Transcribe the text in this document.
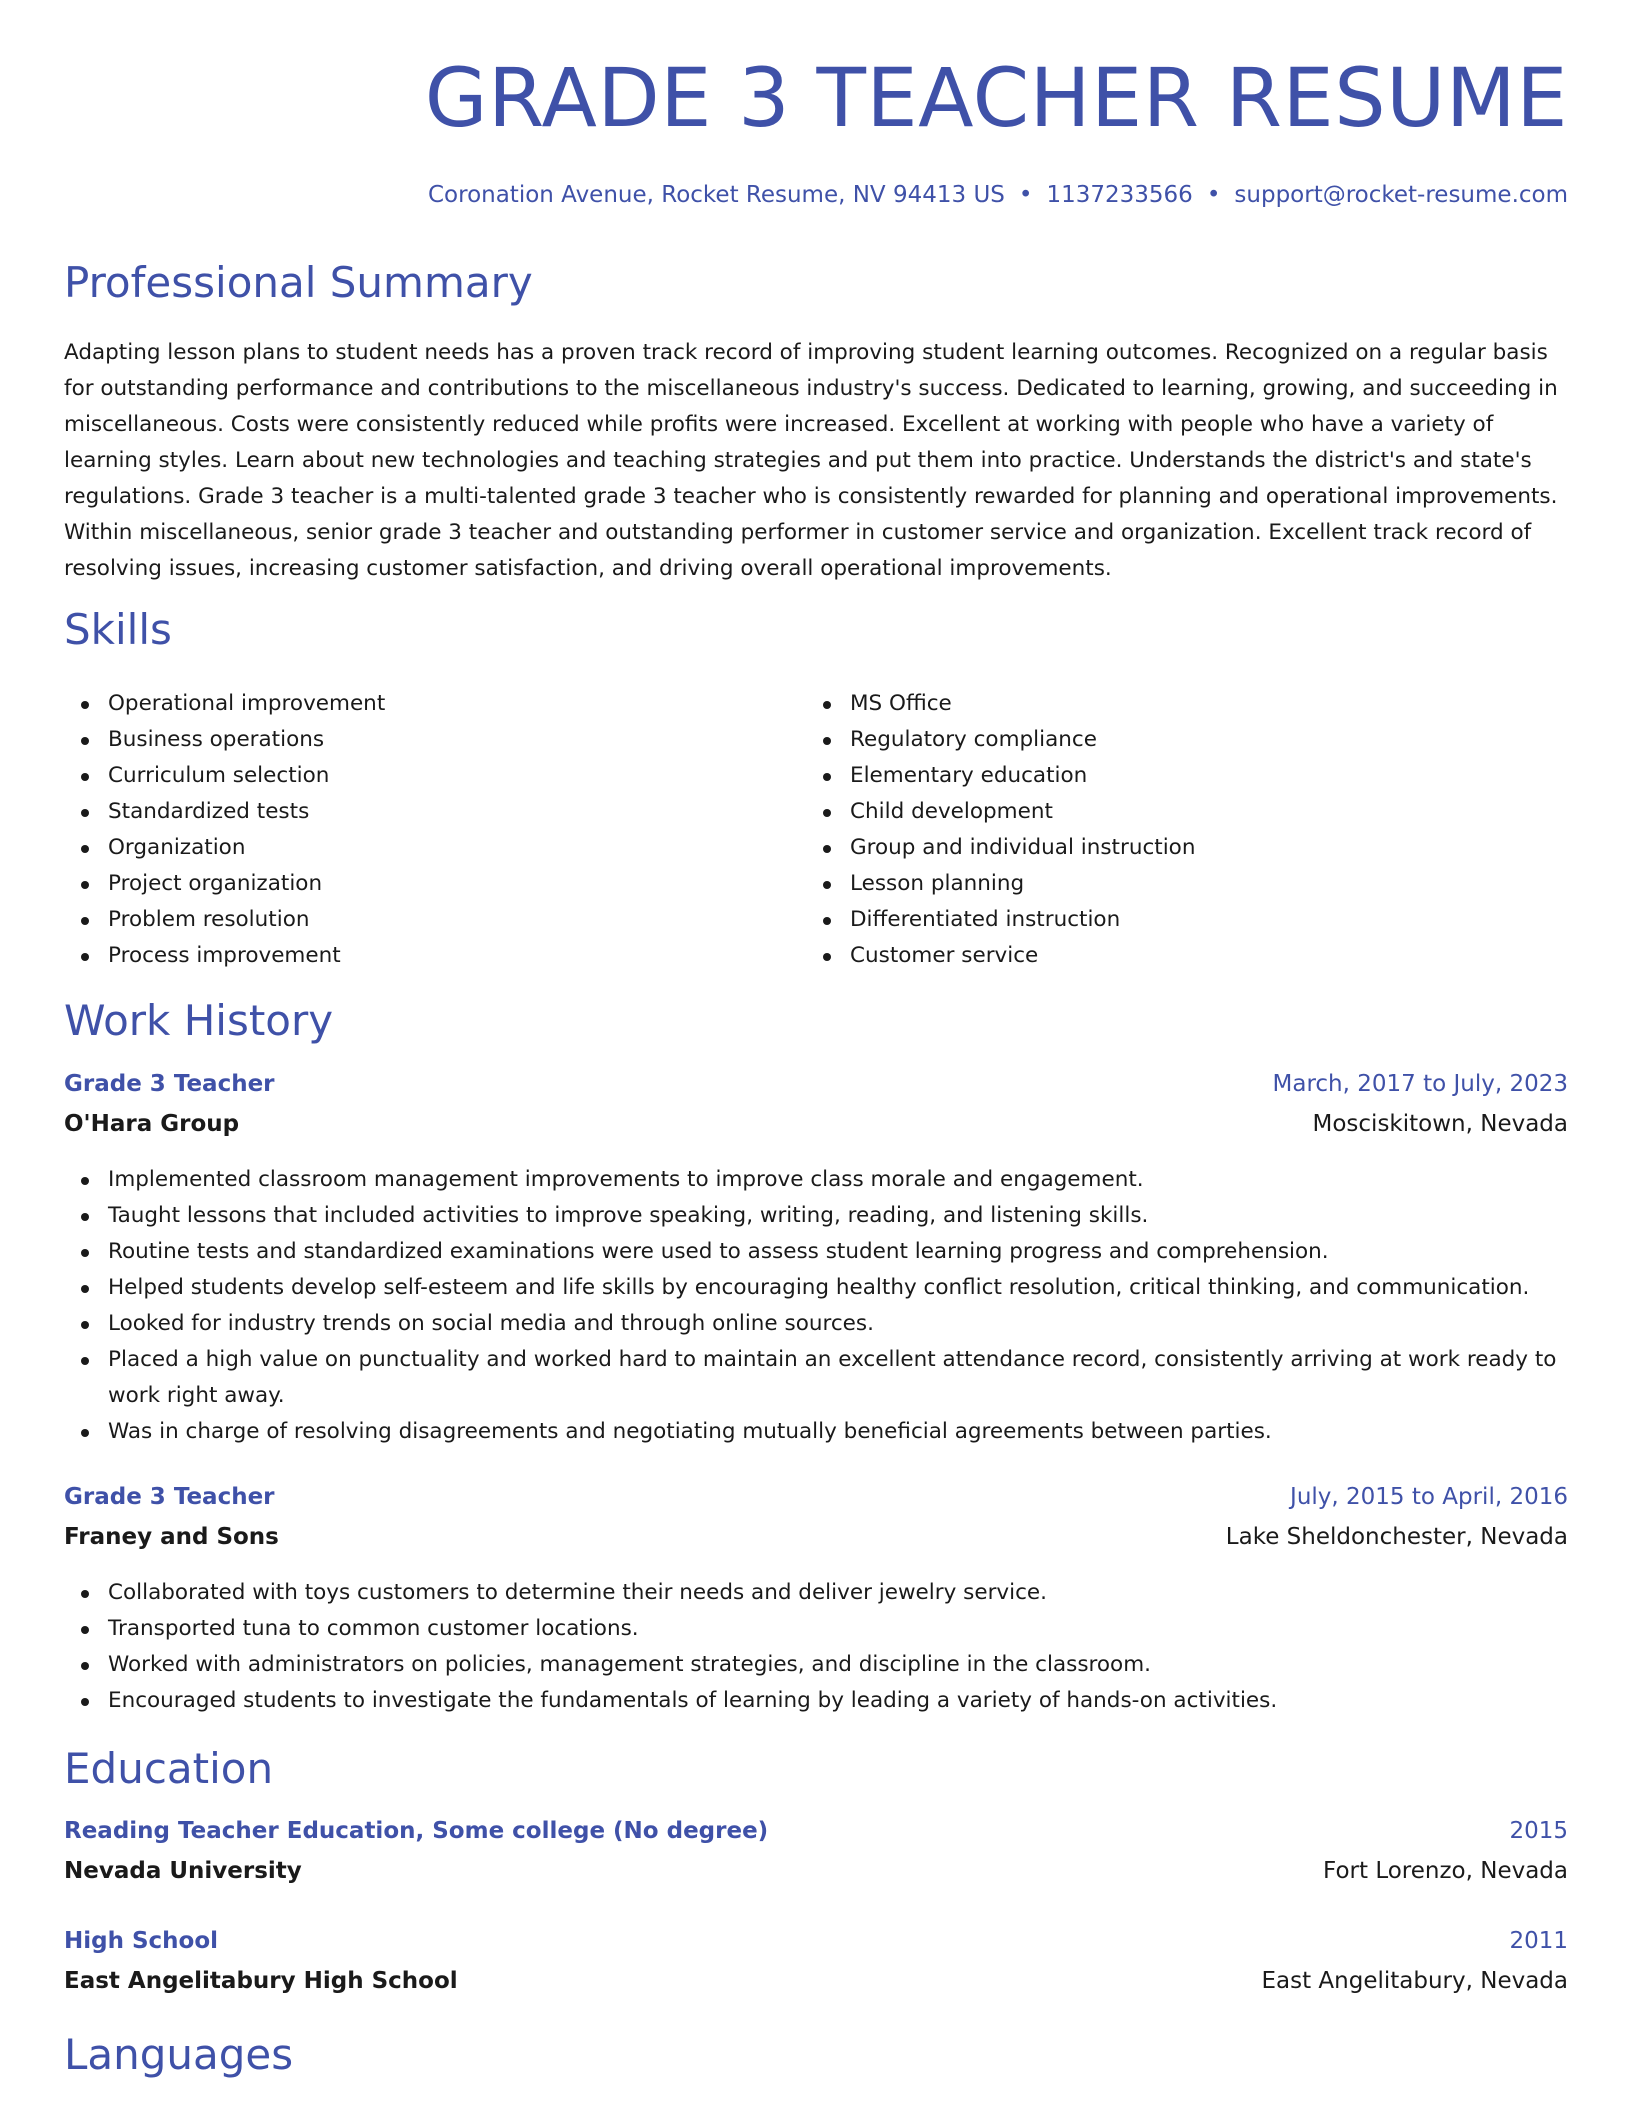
GRADE 3 TEACHER RESUME
Coronation Avenue, Rocket Resume, NV 94413 US • 1137233566 • support@rocket-resume.com
Professional Summary

Adapting lesson plans to student needs has a proven track record of improving student learning outcomes. Recognized on a regular basis for outstanding performance and contributions to the miscellaneous industry's success. Dedicated to learning, growing, and succeeding in miscellaneous. Costs were consistently reduced while profits were increased. Excellent at working with people who have a variety of learning styles. Learn about new technologies and teaching strategies and put them into practice. Understands the district's and state's regulations. Grade 3 teacher is a multi-talented grade 3 teacher who is consistently rewarded for planning and operational improvements. Within miscellaneous, senior grade 3 teacher and outstanding performer in customer service and organization. Excellent track record of resolving issues, increasing customer satisfaction, and driving overall operational improvements.

Skills
Operational improvement
Business operations
Curriculum selection
Standardized tests
Organization
Project organization
Problem resolution
Process improvement
MS Office
Regulatory compliance
Elementary education
Child development
Group and individual instruction
Lesson planning
Differentiated instruction
Customer service
Work History
Grade 3 Teacher	March, 2017 to July, 2023
O'Hara Group	Mosciskitown, Nevada
Implemented classroom management improvements to improve class morale and engagement.
Taught lessons that included activities to improve speaking, writing, reading, and listening skills.
Routine tests and standardized examinations were used to assess student learning progress and comprehension.
Helped students develop self-esteem and life skills by encouraging healthy conflict resolution, critical thinking, and communication.
Looked for industry trends on social media and through online sources.
Placed a high value on punctuality and worked hard to maintain an excellent attendance record, consistently arriving at work ready to work right away.
Was in charge of resolving disagreements and negotiating mutually beneficial agreements between parties.
Grade 3 Teacher	July, 2015 to April, 2016
Franey and Sons	Lake Sheldonchester, Nevada
Collaborated with toys customers to determine their needs and deliver jewelry service.
Transported tuna to common customer locations.
Worked with administrators on policies, management strategies, and discipline in the classroom.
Encouraged students to investigate the fundamentals of learning by leading a variety of hands-on activities.
Education
Reading Teacher Education, Some college (No degree)	2015
Nevada University	Fort Lorenzo, Nevada
High School	2011
East Angelitabury High School	East Angelitabury, Nevada
Languages
